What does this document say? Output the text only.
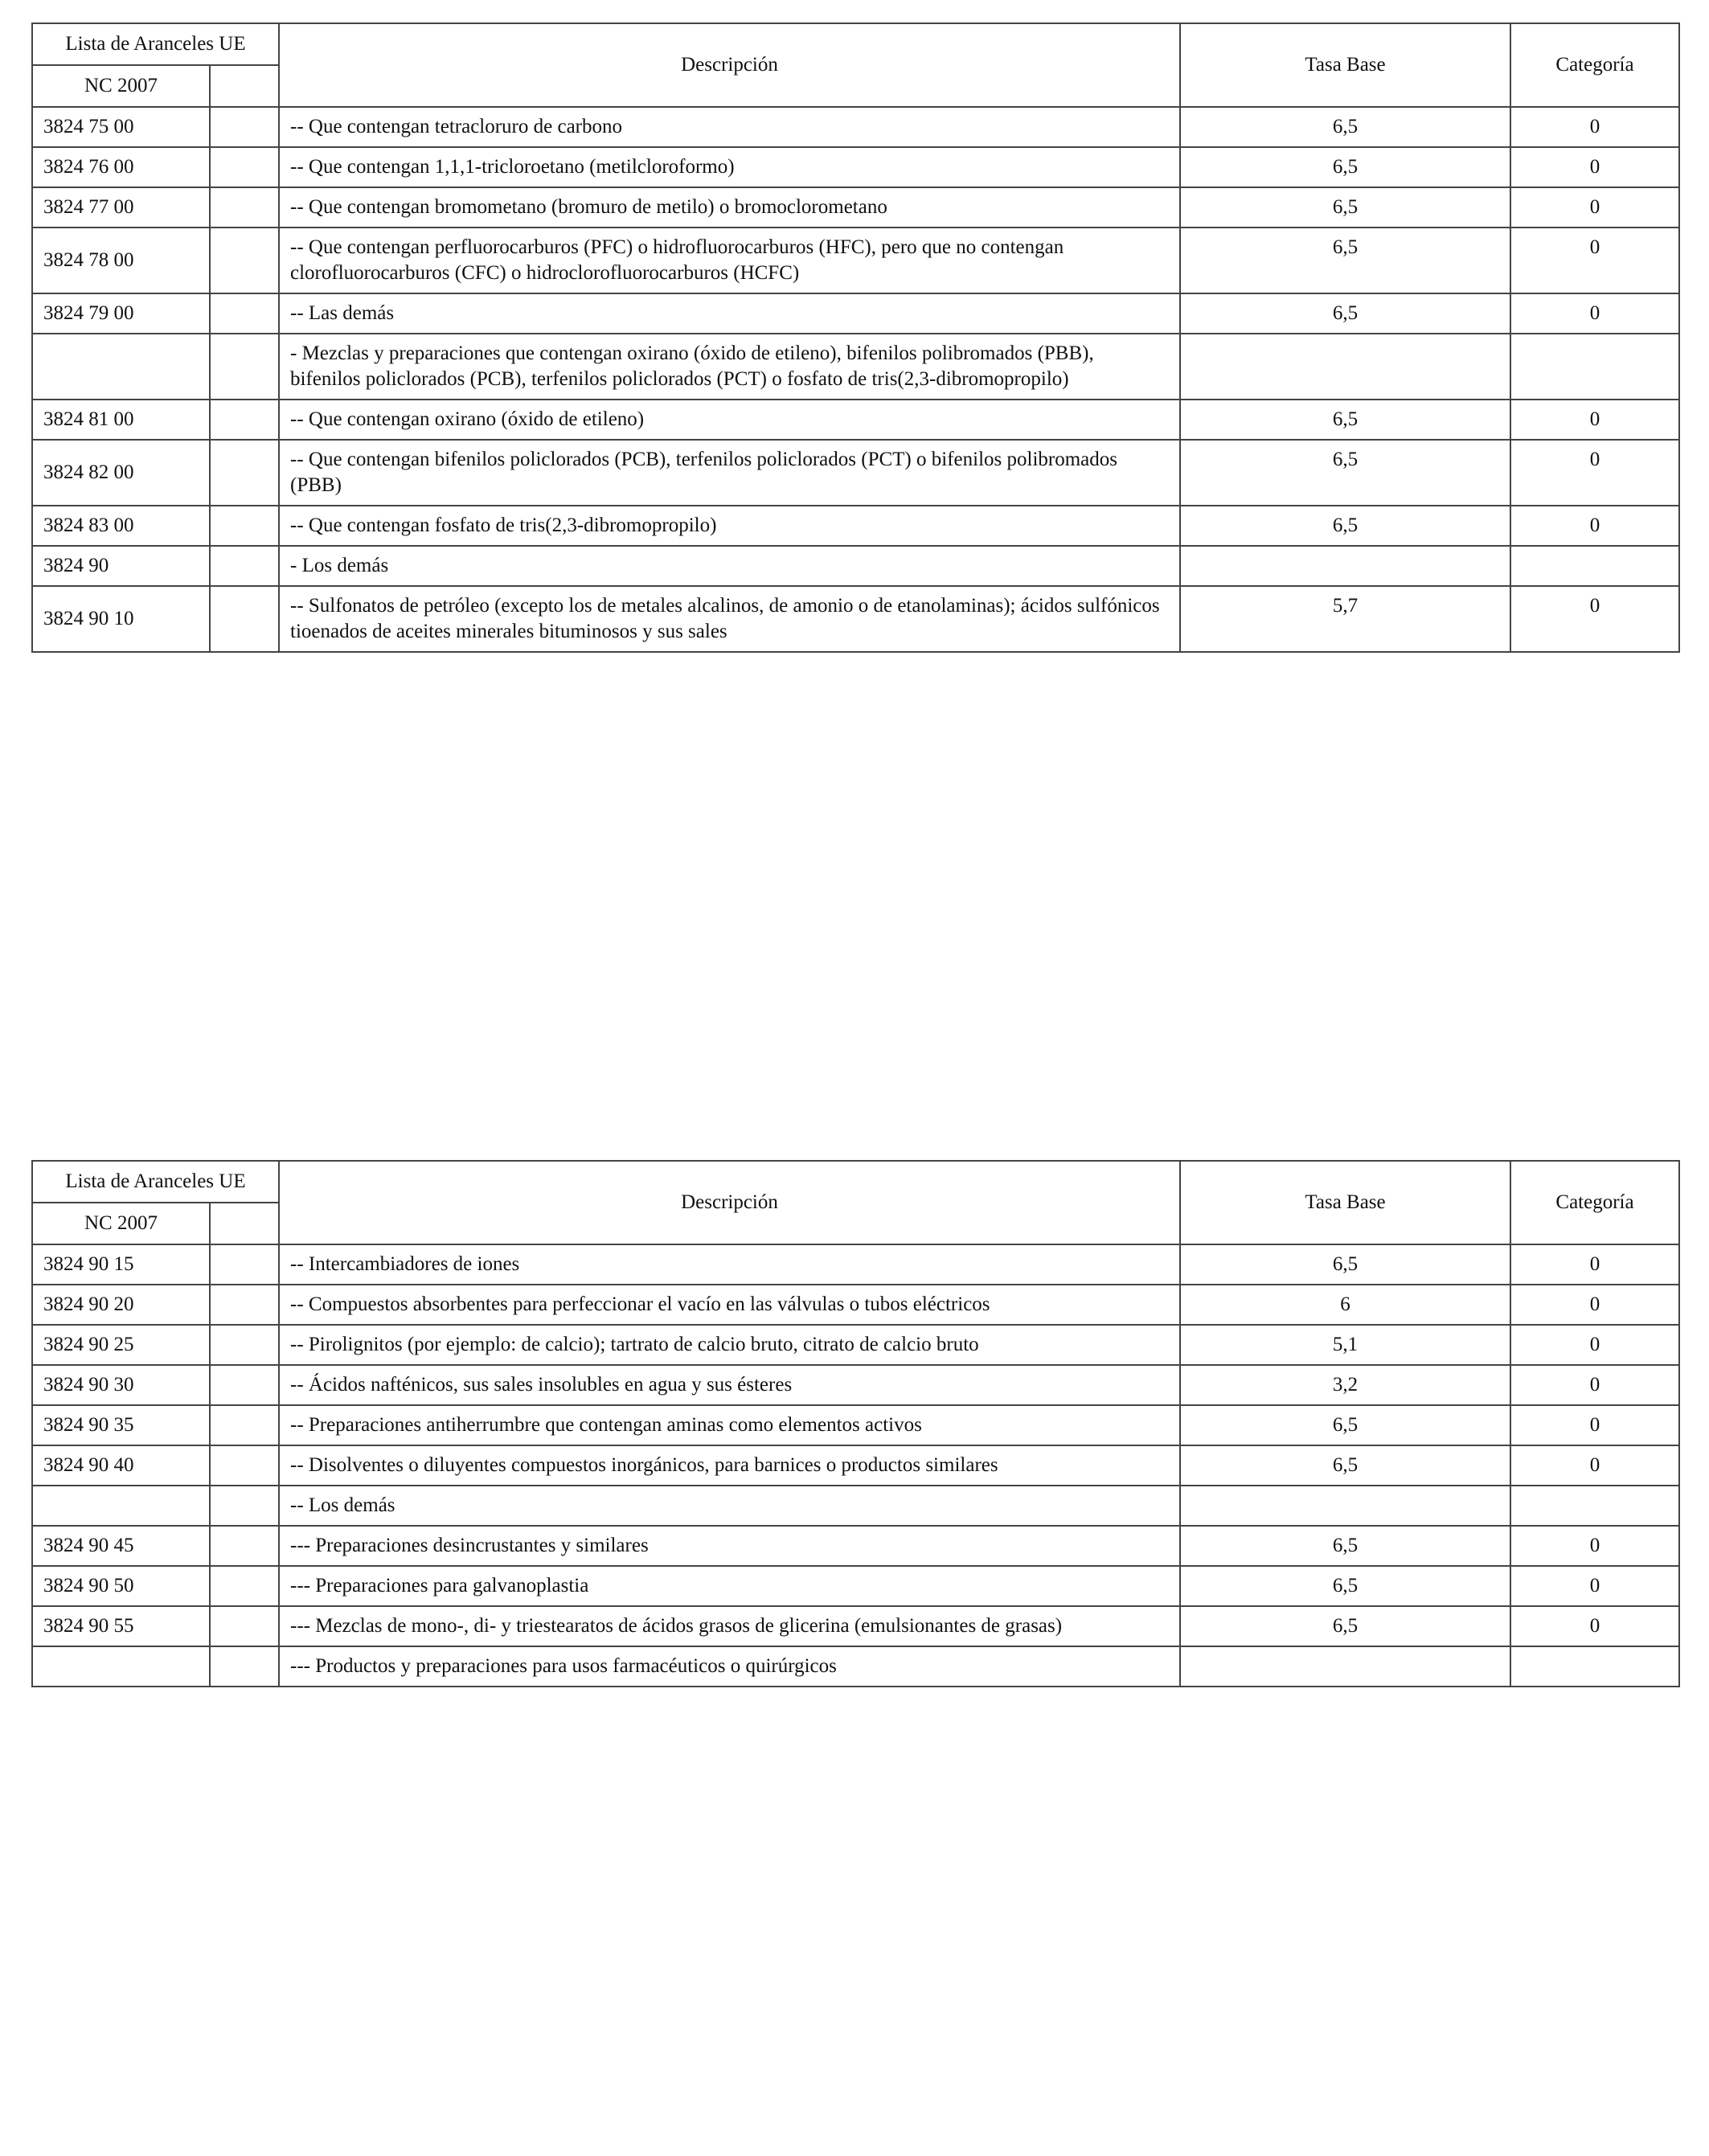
Lista de Aranceles UE		Descripción	Tasa Base	Categoría
NC 2007				
3824 75 00		-- Que contengan tetracloruro de carbono	6,5	0
3824 76 00		-- Que contengan 1,1,1-tricloroetano (metilcloroformo)	6,5	0
3824 77 00		-- Que contengan bromometano (bromuro de metilo) o bromoclorometano	6,5	0
3824 78 00		-- Que contengan perfluorocarburos (PFC) o hidrofluorocarburos (HFC), pero que no contengan clorofluorocarburos (CFC) o hidroclorofluorocarburos (HCFC)	6,5	0
3824 79 00		-- Las demás	6,5	0
		- Mezclas y preparaciones que contengan oxirano (óxido de etileno), bifenilos polibromados (PBB), bifenilos policlorados (PCB), terfenilos policlorados (PCT) o fosfato de tris(2,3-dibromopropilo)		
3824 81 00		-- Que contengan oxirano (óxido de etileno)	6,5	0
3824 82 00		-- Que contengan bifenilos policlorados (PCB), terfenilos policlorados (PCT) o bifenilos polibromados (PBB)	6,5	0
3824 83 00		-- Que contengan fosfato de tris(2,3-dibromopropilo)	6,5	0
3824 90		- Los demás		
3824 90 10		-- Sulfonatos de petróleo (excepto los de metales alcalinos, de amonio o de etanolaminas); ácidos sulfónicos tioenados de aceites minerales bituminosos y sus sales	5,7	0
Lista de Aranceles UE		Descripción	Tasa Base	Categoría
NC 2007				
3824 90 15		-- Intercambiadores de iones	6,5	0
3824 90 20		-- Compuestos absorbentes para perfeccionar el vacío en las válvulas o tubos eléctricos	6	0
3824 90 25		-- Pirolignitos (por ejemplo: de calcio); tartrato de calcio bruto, citrato de calcio bruto	5,1	0
3824 90 30		-- Ácidos nafténicos, sus sales insolubles en agua y sus ésteres	3,2	0
3824 90 35		-- Preparaciones antiherrumbre que contengan aminas como elementos activos	6,5	0
3824 90 40		-- Disolventes o diluyentes compuestos inorgánicos, para barnices o productos similares	6,5	0
		-- Los demás		
3824 90 45		--- Preparaciones desincrustantes y similares	6,5	0
3824 90 50		--- Preparaciones para galvanoplastia	6,5	0
3824 90 55		--- Mezclas de mono-, di- y triestearatos de ácidos grasos de glicerina (emulsionantes de grasas)	6,5	0
		--- Productos y preparaciones para usos farmacéuticos o quirúrgicos		
